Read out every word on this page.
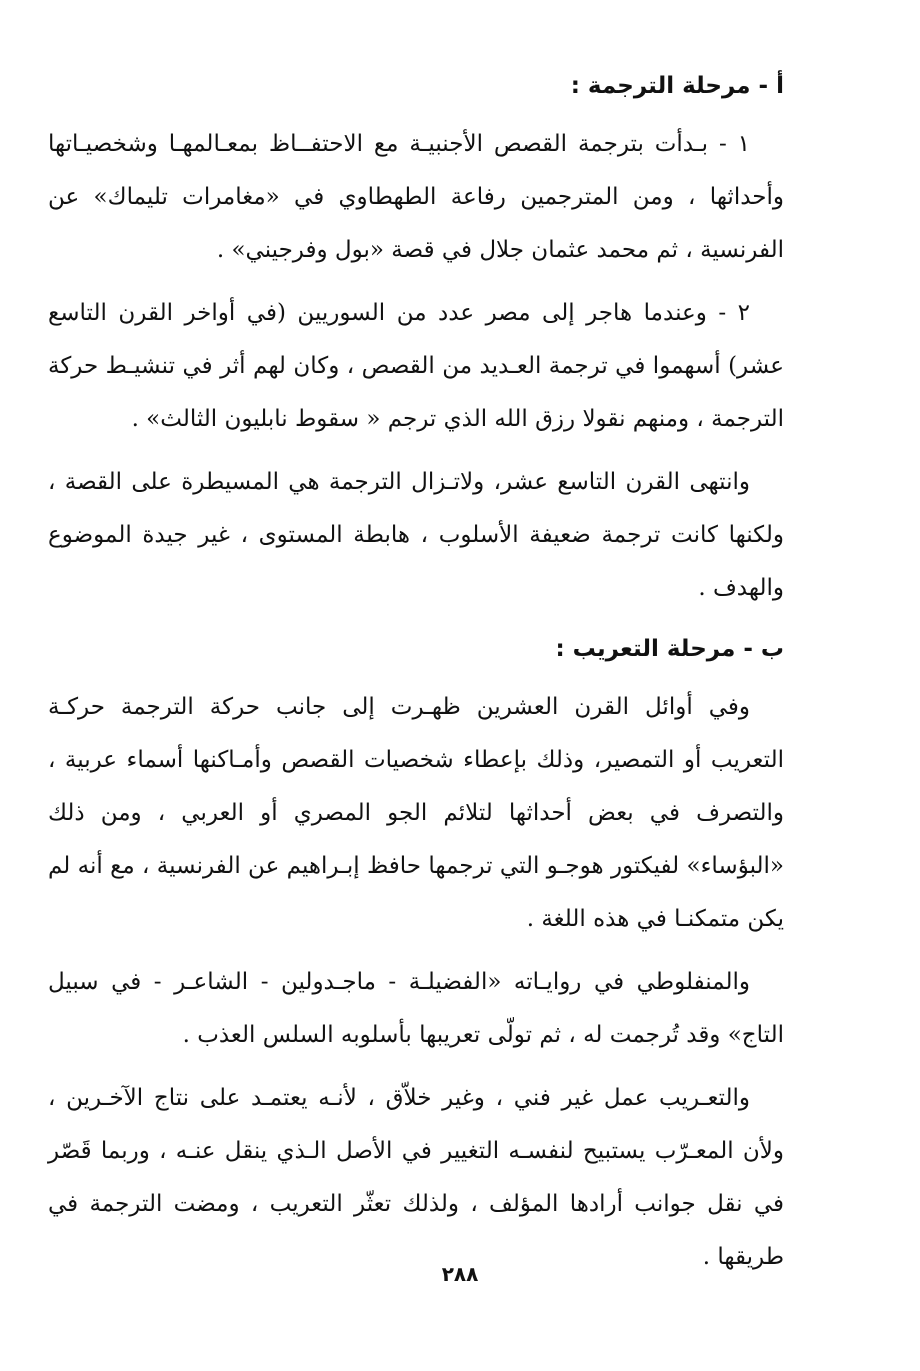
أ - مرحلة الترجمة :

١ - بـدأت بترجمة القصص الأجنبيـة مع الاحتفــاظ بمعـالمهـا وشخصيـاتها وأحداثها ، ومن المترجمين رفاعة الطهطاوي في «مغامرات تليماك» عن الفرنسية ، ثم محمد عثمان جلال في قصة «بول وفرجيني» .

٢ - وعندما هاجر إلى مصر عدد من السوريين (في أواخر القرن التاسع عشر) أسهموا في ترجمة العـديد من القصص ، وكان لهم أثر في تنشيـط حركة الترجمة ، ومنهم نقولا رزق الله الذي ترجم « سقوط نابليون الثالث» .

وانتهى القرن التاسع عشر، ولاتـزال الترجمة هي المسيطرة على القصة ، ولكنها كانت ترجمة ضعيفة الأسلوب ، هابطة المستوى ، غير جيدة الموضوع والهدف .

ب - مرحلة التعريب :

وفي أوائل القرن العشرين ظهـرت إلى جانب حركة الترجمة حركـة التعريب أو التمصير، وذلك بإعطاء شخصيات القصص وأمـاكنها أسماء عربية ، والتصرف في بعض أحداثها لتلائم الجو المصري أو العربي ، ومن ذلك «البؤساء» لفيكتور هوجـو التي ترجمها حافظ إبـراهيم عن الفرنسية ، مع أنه لم يكن متمكنـا في هذه اللغة .

والمنفلوطي في روايـاته «الفضيلـة - ماجـدولين - الشاعـر - في سبيل التاج» وقد تُرجمت له ، ثم تولّى تعريبها بأسلوبه السلس العذب .

والتعـريب عمل غير فني ، وغير خلاّق ، لأنـه يعتمـد على نتاج الآخـرين ، ولأن المعـرّب يستبيح لنفسـه التغيير في الأصل الـذي ينقل عنـه ، وربما قَصّر في نقل جوانب أرادها المؤلف ، ولذلك تعثّر التعريب ، ومضت الترجمة في طريقها .

٢٨٨
